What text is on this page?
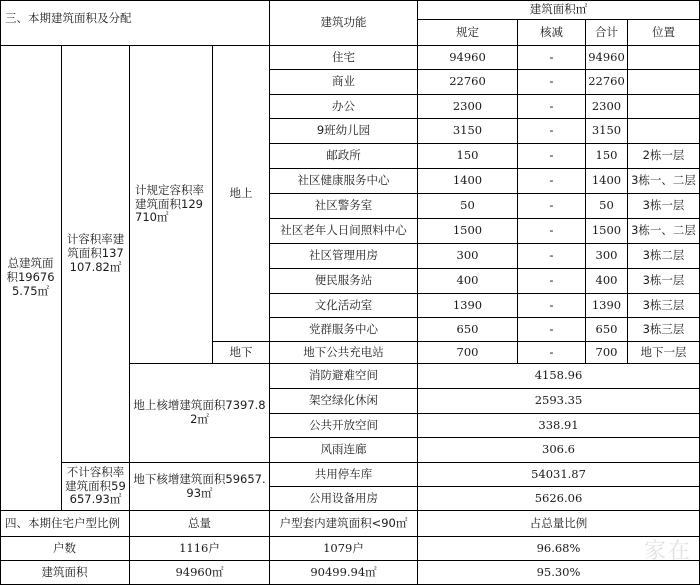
三、本期建筑面积及分配	建筑功能
建筑面积㎡
规定	核减	合计	位置
总建筑面积196765.75㎡
计容积率建筑面积137107.82㎡
计规定容积率建筑面积129710㎡
地上
地下
住宅	94960	-	94960
商业	22760	-	22760
办公	2300	-	2300
9班幼儿园	3150	-	3150
邮政所	150	-	150	2栋一层
社区健康服务中心	1400	-	1400 3栋一、二层
社区警务室	50	-	50	3栋一层
社区老年人日间照料中心	1500	-	1500 3栋一、二层
社区管理用房	300	-	300	3栋二层
便民服务站	400	-	400	3栋一层
文化活动室	1390	-	1390	3栋三层
党群服务中心	650	-	650	3栋三层
地下公共充电站	700	-	700	地下一层
地上核增建筑面积7397.82㎡
消防避难空间	4158.96
架空绿化休闲	2593.35
公共开放空间	338.91
风雨连廊	306.6
不计容积率建筑面积59657.93㎡
地下核增建筑面积59657.93㎡
共用停车库	54031.87
公用设备用房	5626.06
四、本期住宅户型比例	总量	户型套内建筑面积<90㎡	占总量比例
户数	1116户	1079户	96.68%
建筑面积	94960㎡	90499.94㎡	95.30%
家在
